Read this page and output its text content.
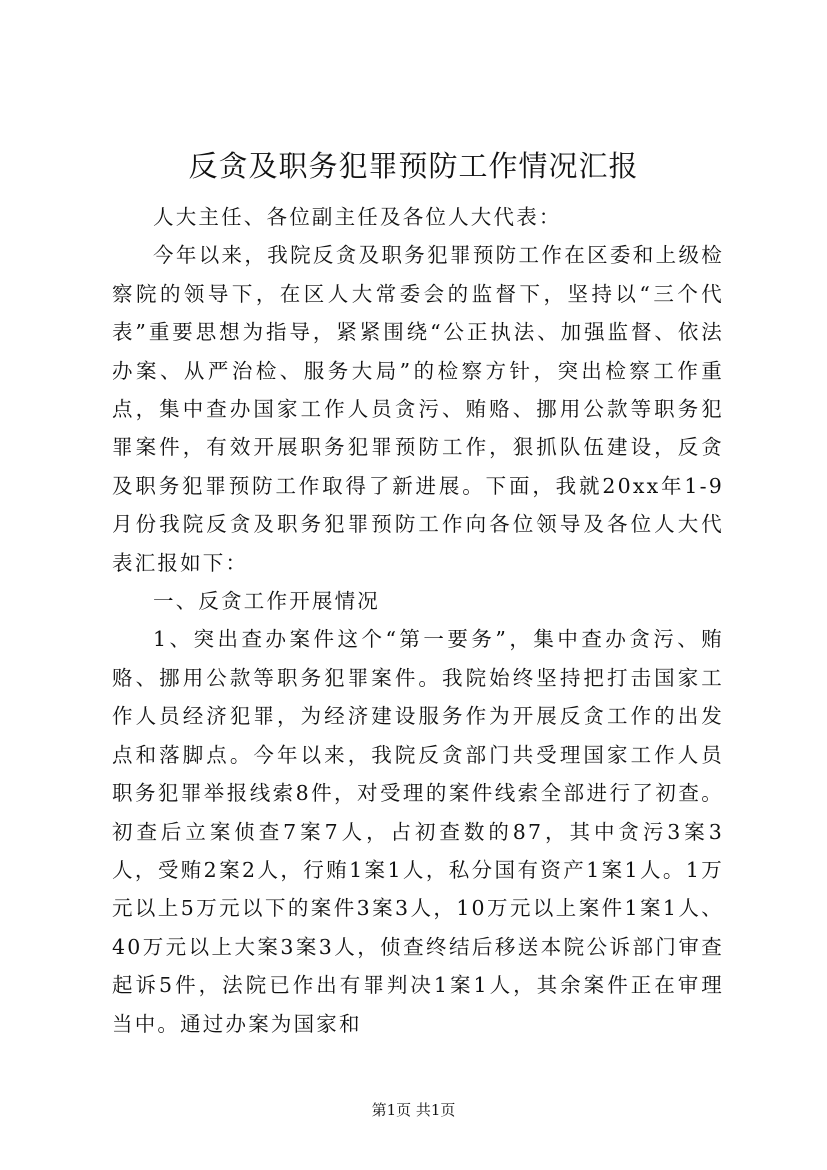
反贪及职务犯罪预防工作情况汇报

人大主任、各位副主任及各位人大代表：

今年以来，我院反贪及职务犯罪预防工作在区委和上级检察院的领导下，在区人大常委会的监督下，坚持以“三个代表”重要思想为指导，紧紧围绕“公正执法、加强监督、依法办案、从严治检、服务大局”的检察方针，突出检察工作重点，集中查办国家工作人员贪污、贿赂、挪用公款等职务犯罪案件，有效开展职务犯罪预防工作，狠抓队伍建设，反贪及职务犯罪预防工作取得了新进展。下面，我就20xx年1-9月份我院反贪及职务犯罪预防工作向各位领导及各位人大代表汇报如下：

一、反贪工作开展情况

1、突出查办案件这个“第一要务”，集中查办贪污、贿赂、挪用公款等职务犯罪案件。我院始终坚持把打击国家工作人员经济犯罪，为经济建设服务作为开展反贪工作的出发点和落脚点。今年以来，我院反贪部门共受理国家工作人员职务犯罪举报线索8件，对受理的案件线索全部进行了初查。初查后立案侦查7案7人，占初查数的87，其中贪污3案3人，受贿2案2人，行贿1案1人，私分国有资产1案1人。1万元以上5万元以下的案件3案3人，10万元以上案件1案1人、40万元以上大案3案3人，侦查终结后移送本院公诉部门审查起诉5件，法院已作出有罪判决1案1人，其余案件正在审理当中。通过办案为国家和

第1页 共1页
